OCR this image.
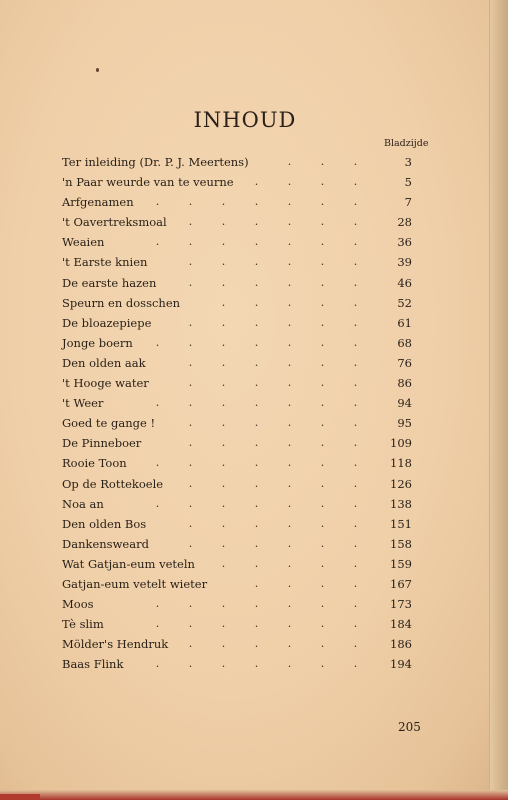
INHOUD
Bladzijde
.	.	.
Ter inleiding (Dr. P. J. Meertens)	3
.	.	.	.
'n Paar weurde van te veurne	5
.	.	.	.	.	.	.
Arfgenamen	7
.	.	.	.	.	.
't Oavertreksmoal	28
.	.	.	.	.	.	.
Weaien	36
.	.	.	.	.	.
't Earste knien	39
.	.	.	.	.	.
De earste hazen	46
.	.	.	.	.
Speurn en dosschen	52
.	.	.	.	.	.
De bloazepiepe	61
.	.	.	.	.	.	.
Jonge boern	68
.	.	.	.	.	.
Den olden aak	76
.	.	.	.	.	.
't Hooge water	86
.	.	.	.	.	.	.
't Weer	94
.	.	.	.	.	.
Goed te gange !	95
.	.	.	.	.	.
De Pinneboer	109
.	.	.	.	.	.	.
Rooie Toon	118
.	.	.	.	.	.
Op de Rottekoele	126
.	.	.	.	.	.	.
Noa an	138
.	.	.	.	.	.
Den olden Bos	151
.	.	.	.	.	.
Dankensweard	158
.	.	.	.	.
Wat Gatjan-eum veteln	159
.	.	.	.
Gatjan-eum vetelt wieter	167
.	.	.	.	.	.	.
Moos	173
.	.	.	.	.	.	.
Tè slim	184
.	.	.	.	.	.
Mölder's Hendruk	186
.	.	.	.	.	.	.
Baas Flink	194
205
